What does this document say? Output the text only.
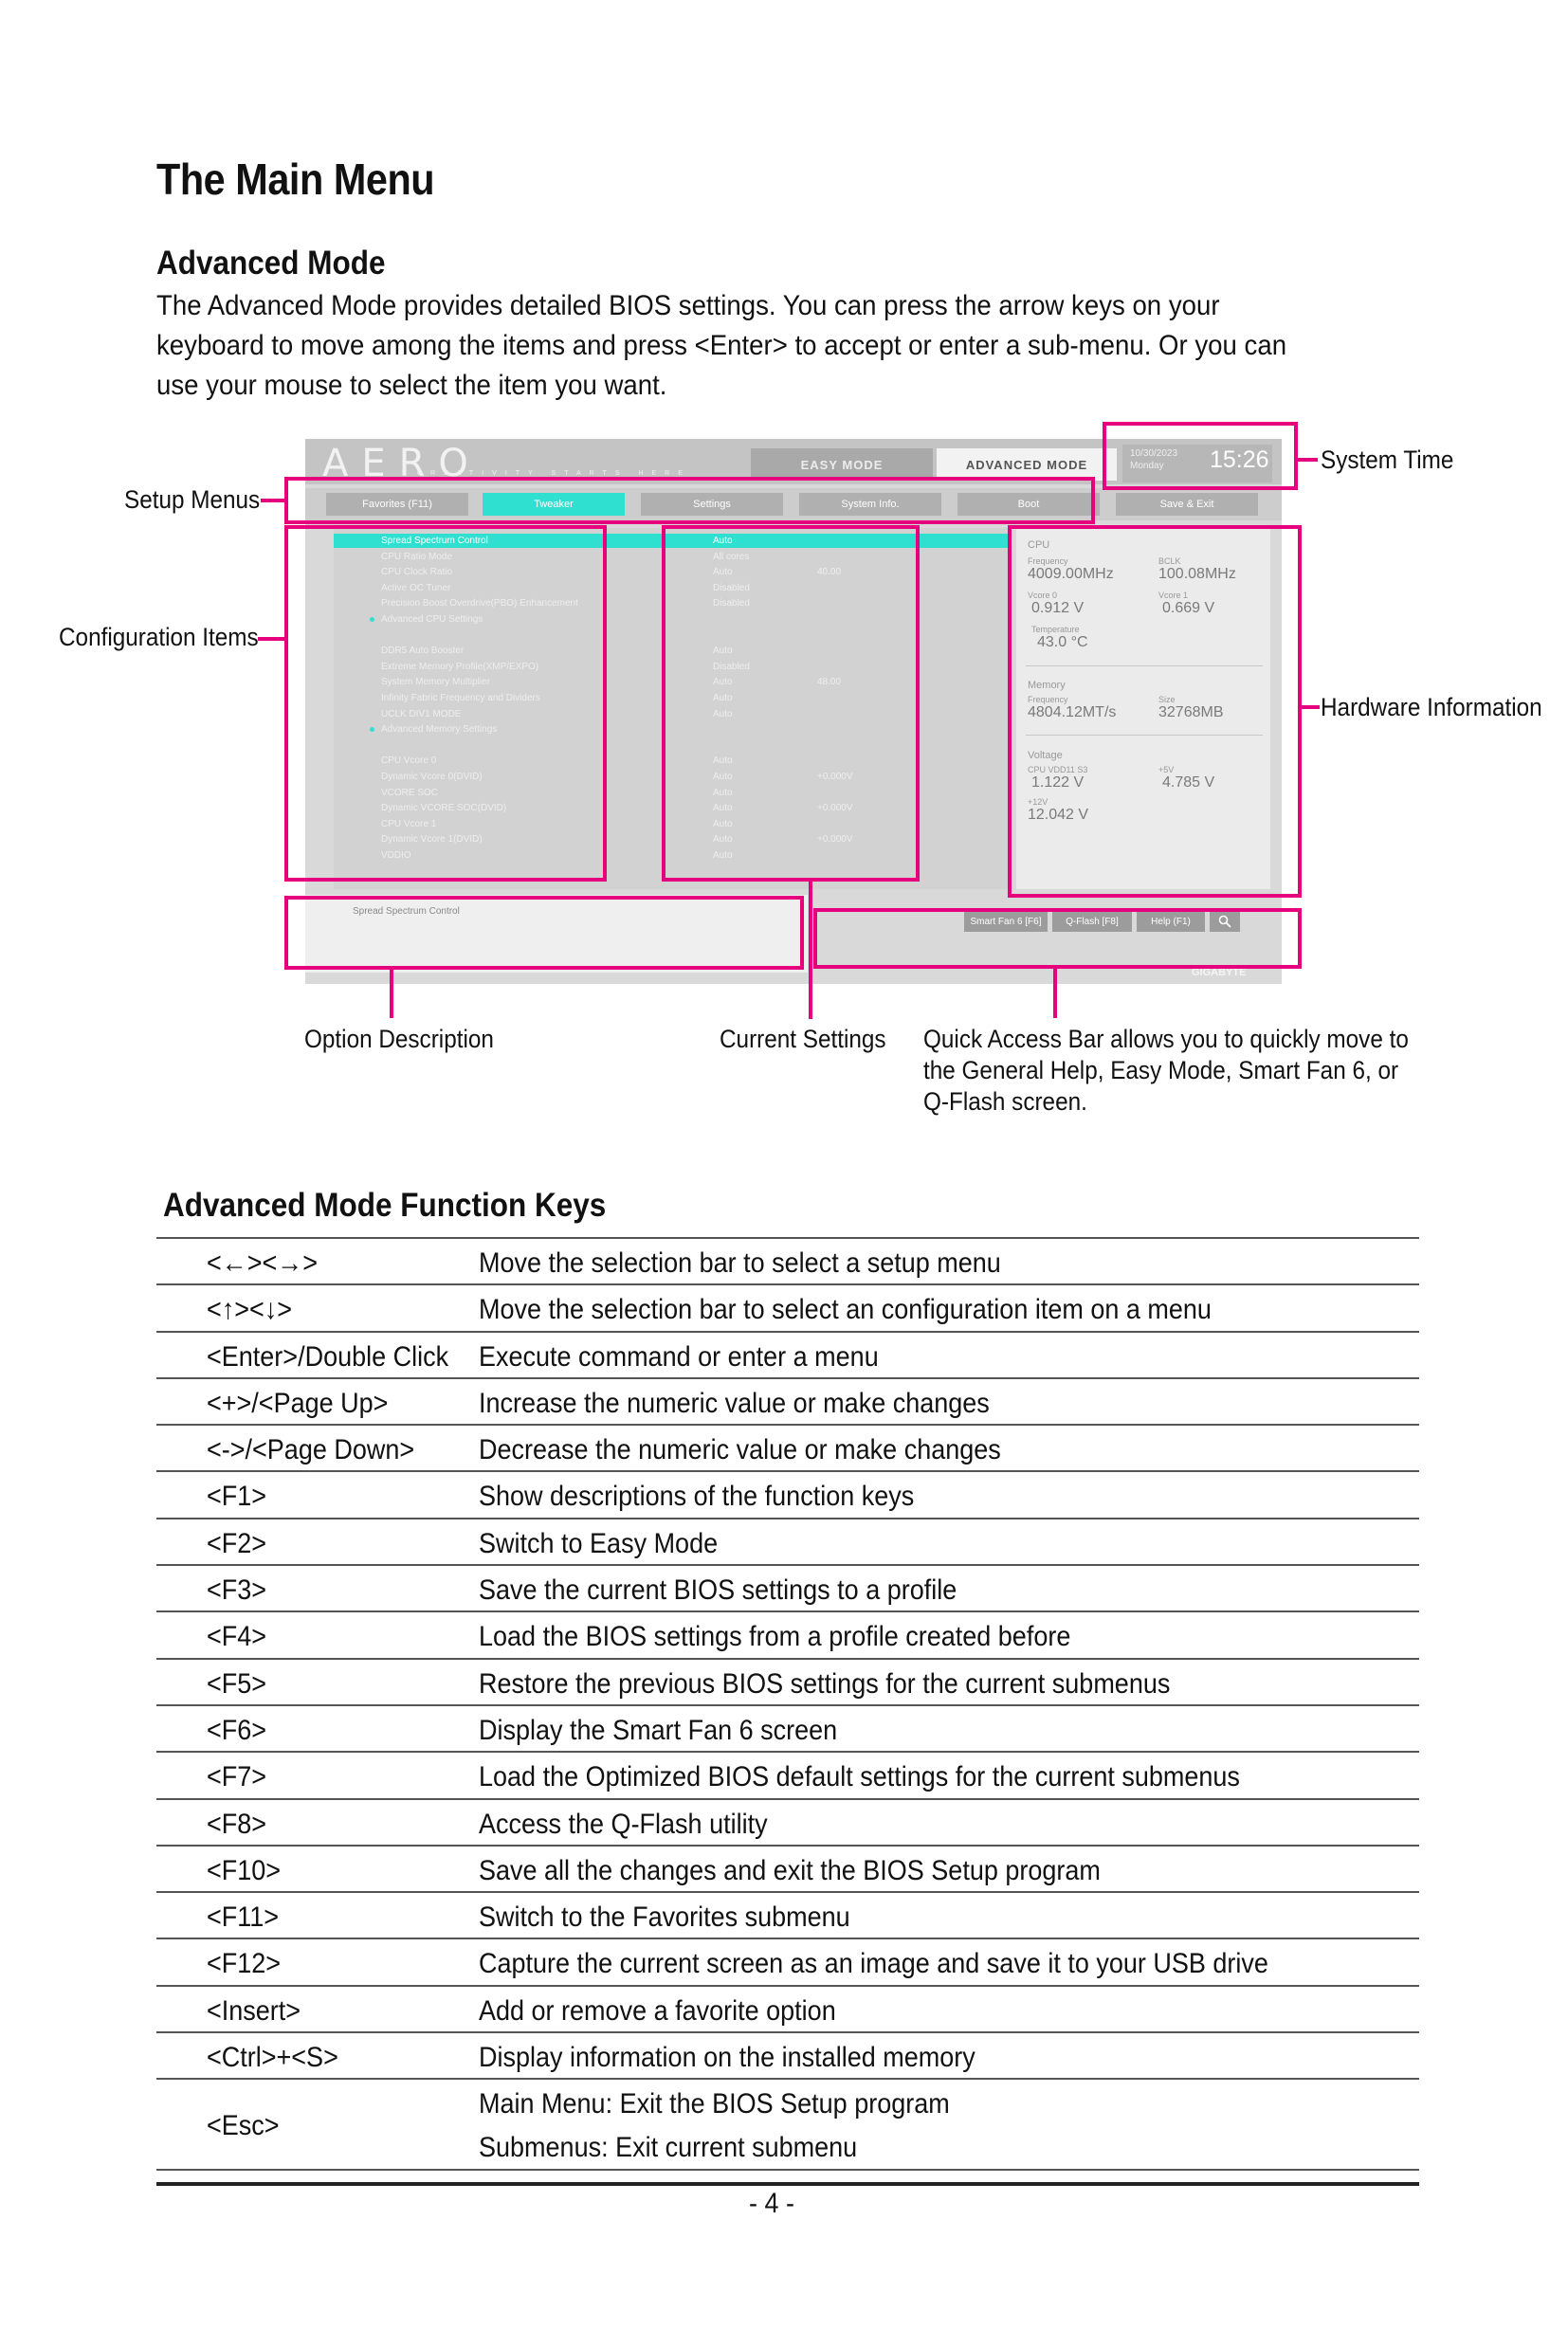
The Main Menu
Advanced Mode
The Advanced Mode provides detailed BIOS settings. You can press the arrow keys on your keyboard to move among the items and press <Enter> to accept or enter a sub-menu. Or you can use your mouse to select the item you want.
AERO
CREATIVITY STARTS HERE
EASY MODE	ADVANCED MODE
10/30/2023
Monday	15:26
Favorites (F11)	Tweaker	Settings	System Info.	Boot	Save & Exit
Spread Spectrum Control	Auto
CPU Ratio Mode	All cores
CPU Clock Ratio	Auto	40.00
Active OC Tuner	Disabled
Precision Boost Overdrive(PBO) Enhancement	Disabled
Advanced CPU Settings
DDR5 Auto Booster	Auto
Extreme Memory Profile(XMP/EXPO)	Disabled
System Memory Multiplier	Auto	48.00
Infinity Fabric Frequency and Dividers	Auto
UCLK DIV1 MODE	Auto
Advanced Memory Settings
CPU Vcore 0	Auto
Dynamic Vcore 0(DVID)	Auto	+0.000V
VCORE SOC	Auto
Dynamic VCORE SOC(DVID)	Auto	+0.000V
CPU Vcore 1	Auto
Dynamic Vcore 1(DVID)	Auto	+0.000V
VDDIO	Auto
CPU
Frequency
4009.00MHz
BCLK
100.08MHz
Vcore 0
0.912 V
Vcore 1
0.669 V
Temperature
43.0 °C
Memory
Frequency
4804.12MT/s
Size
32768MB
Voltage
CPU VDD11 S3
1.122 V
+5V
4.785 V
+12V
12.042 V
Spread Spectrum Control
Smart Fan 6 [F6]	Q-Flash [F8]	Help (F1)
GIGABYTE
Setup Menus
Configuration Items
System Time
Hardware Information
Option Description	Current Settings Quick Access Bar allows you to quickly move to
the General Help, Easy Mode, Smart Fan 6, or
Q-Flash screen.
Advanced Mode Function Keys
<←><→>	Move the selection bar to select a setup menu
<↑><↓>	Move the selection bar to select an configuration item on a menu
<Enter>/Double Click Execute command or enter a menu
<+>/<Page Up>	Increase the numeric value or make changes
<->/<Page Down> Decrease the numeric value or make changes
<F1>	Show descriptions of the function keys
<F2>	Switch to Easy Mode
<F3>	Save the current BIOS settings to a profile
<F4>	Load the BIOS settings from a profile created before
<F5>	Restore the previous BIOS settings for the current submenus
<F6>	Display the Smart Fan 6 screen
<F7>	Load the Optimized BIOS default settings for the current submenus
<F8>	Access the Q-Flash utility
<F10>	Save all the changes and exit the BIOS Setup program
<F11>	Switch to the Favorites submenu
<F12>	Capture the current screen as an image and save it to your USB drive
<Insert>	Add or remove a favorite option
<Ctrl>+<S>	Display information on the installed memory
<Esc>
Main Menu: Exit the BIOS Setup program
Submenus: Exit current submenu
- 4 -
